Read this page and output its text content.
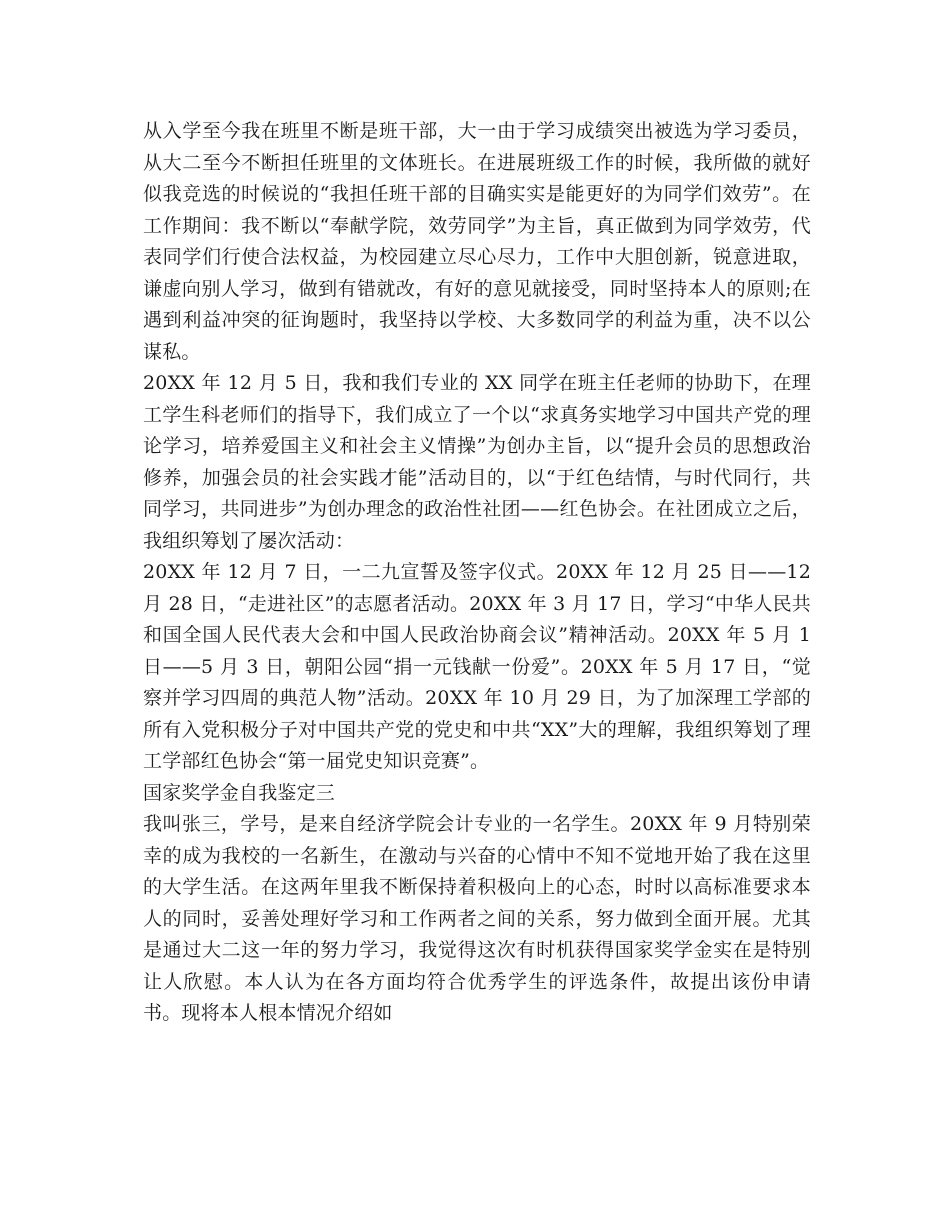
从入学至今我在班里不断是班干部，大一由于学习成绩突出被选为学习委员，从大二至今不断担任班里的文体班长。在进展班级工作的时候，我所做的就好似我竞选的时候说的“我担任班干部的目确实实是能更好的为同学们效劳”。在工作期间：我不断以“奉献学院，效劳同学”为主旨，真正做到为同学效劳，代表同学们行使合法权益，为校园建立尽心尽力，工作中大胆创新，锐意进取，谦虚向别人学习，做到有错就改，有好的意见就接受，同时坚持本人的原则;在遇到利益冲突的征询题时，我坚持以学校、大多数同学的利益为重，决不以公谋私。

20XX 年 12 月 5 日，我和我们专业的 XX 同学在班主任老师的协助下，在理工学生科老师们的指导下，我们成立了一个以“求真务实地学习中国共产党的理论学习，培养爱国主义和社会主义情操”为创办主旨，以“提升会员的思想政治修养，加强会员的社会实践才能”活动目的，以“于红色结情，与时代同行，共同学习，共同进步”为创办理念的政治性社团——红色协会。在社团成立之后，我组织筹划了屡次活动：

20XX 年 12 月 7 日，一二九宣誓及签字仪式。20XX 年 12 月 25 日——12 月 28 日，“走进社区”的志愿者活动。20XX 年 3 月 17 日，学习“中华人民共和国全国人民代表大会和中国人民政治协商会议”精神活动。20XX 年 5 月 1 日——5 月 3 日，朝阳公园“捐一元钱献一份爱”。20XX 年 5 月 17 日，“觉察并学习四周的典范人物”活动。20XX 年 10 月 29 日，为了加深理工学部的所有入党积极分子对中国共产党的党史和中共“XX”大的理解，我组织筹划了理工学部红色协会“第一届党史知识竞赛”。

国家奖学金自我鉴定三

我叫张三，学号，是来自经济学院会计专业的一名学生。20XX 年 9 月特别荣幸的成为我校的一名新生，在激动与兴奋的心情中不知不觉地开始了我在这里的大学生活。在这两年里我不断保持着积极向上的心态，时时以高标准要求本人的同时，妥善处理好学习和工作两者之间的关系，努力做到全面开展。尤其是通过大二这一年的努力学习，我觉得这次有时机获得国家奖学金实在是特别让人欣慰。本人认为在各方面均符合优秀学生的评选条件，故提出该份申请书。现将本人根本情况介绍如
